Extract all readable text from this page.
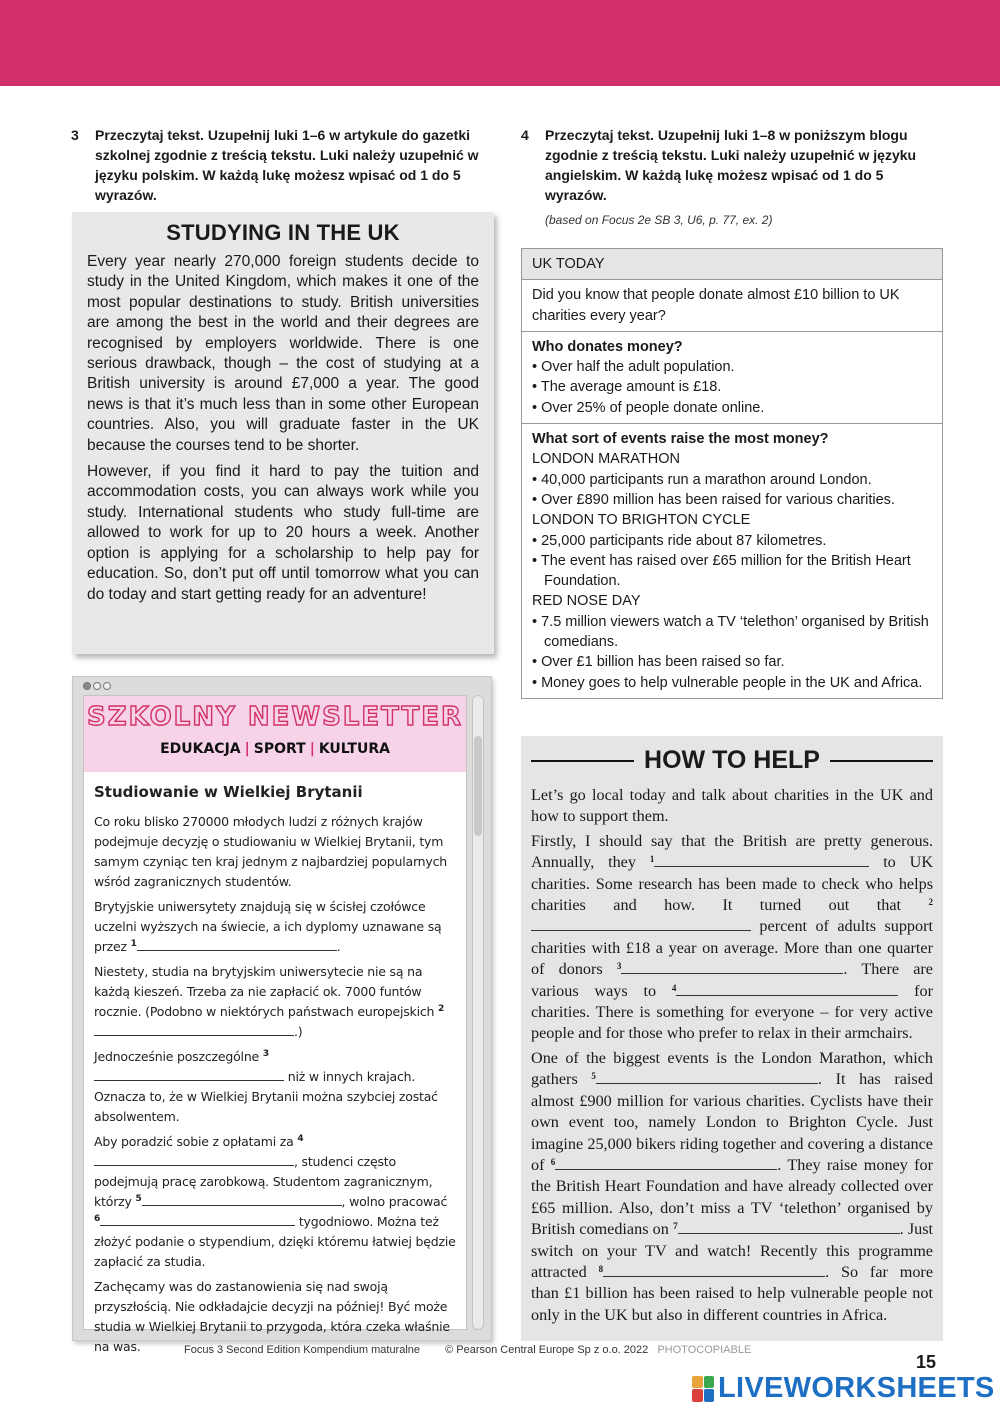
3 Przeczytaj tekst. Uzupełnij luki 1–6 w artykule do gazetki szkolnej zgodnie z treścią tekstu. Luki należy uzupełnić w języku polskim. W każdą lukę możesz wpisać od 1 do 5 wyrazów.
4 Przeczytaj tekst. Uzupełnij luki 1–8 w poniższym blogu zgodnie z treścią tekstu. Luki należy uzupełnić w języku angielskim. W każdą lukę możesz wpisać od 1 do 5 wyrazów.
(based on Focus 2e SB 3, U6, p. 77, ex. 2)
STUDYING IN THE UK

Every year nearly 270,000 foreign students decide to study in the United Kingdom, which makes it one of the most popular destinations to study. British universities are among the best in the world and their degrees are recognised by employers worldwide. There is one serious drawback, though – the cost of studying at a British university is around £7,000 a year. The good news is that it’s much less than in some other European countries. Also, you will graduate faster in the UK because the courses tend to be shorter.

However, if you find it hard to pay the tuition and accommodation costs, you can always work while you study. International students who study full-time are allowed to work for up to 20 hours a week. Another option is applying for a scholarship to help pay for education. So, don’t put off until tomorrow what you can do today and start getting ready for an adventure!

SZKOLNY NEWSLETTER
EDUKACJA | SPORT | KULTURA
Studiowanie w Wielkiej Brytanii

Co roku blisko 270000 młodych ludzi z różnych krajów podejmuje decyzję o studiowaniu w Wielkiej Brytanii, tym samym czyniąc ten kraj jednym z najbardziej popularnych wśród zagranicznych studentów.

Brytyjskie uniwersytety znajdują się w ścisłej czołówce uczelni wyższych na świecie, a ich dyplomy uznawane są przez $^1$	.

Niestety, studia na brytyjskim uniwersytecie nie są na każdą kieszeń. Trzeba za nie zapłacić ok. 7000 funtów rocznie. (Podobno w niektórych państwach europejskich $^2$.)

Jednocześnie poszczególne $^3$ niż w innych krajach. Oznacza to, że w Wielkiej Brytanii można szybciej zostać absolwentem.

Aby poradzić sobie z opłatami za $^4$, studenci często podejmują pracę zarobkową. Studentom zagranicznym, którzy $^5$	, wolno pracować $^6$	tygodniowo. Można też złożyć podanie o stypendium, dzięki któremu łatwiej będzie zapłacić za studia.

Zachęcamy was do zastanowienia się nad swoją przyszłością. Nie odkładajcie decyzji na później! Być może studia w Wielkiej Brytanii to przygoda, która czeka właśnie na was.

UK TODAY
Did you know that people donate almost £10 billion to UK charities every year?
Who donates money?
• Over half the adult population.
• The average amount is £18.
• Over 25% of people donate online.
What sort of events raise the most money?
LONDON MARATHON
• 40,000 participants run a marathon around London.
• Over £890 million has been raised for various charities.
LONDON TO BRIGHTON CYCLE
• 25,000 participants ride about 87 kilometres.
• The event has raised over £65 million for the British Heart Foundation.
RED NOSE DAY
• 7.5 million viewers watch a TV ‘telethon’ organised by British comedians.
• Over £1 billion has been raised so far.
• Money goes to help vulnerable people in the UK and Africa.
HOW TO HELP

Let’s go local today and talk about charities in the UK and how to support them.

Firstly, I should say that the British are pretty generous. Annually, they $^1$	to UK charities. Some research has been made to check who helps charities and how. It turned out that	$^2$ percent of adults support charities with £18 a year on average. More than one quarter of donors $^3$	. There are various ways to $^4$	for charities. There is something for everyone – for very active people and for those who prefer to relax in their armchairs.

One of the biggest events is the London Marathon, which gathers $^5$	. It has raised almost £900 million for various charities. Cyclists have their own event too, namely London to Brighton Cycle. Just imagine 25,000 bikers riding together and covering a distance of $^6$	. They raise money for the British Heart Foundation and have already collected over £65 million. Also, don’t miss a TV ‘telethon’ organised by British comedians on $^7$	. Just switch on your TV and watch! Recently this programme attracted $^8$	. So far more than £1 billion has been raised to help vulnerable people not only in the UK but also in different countries in Africa.

Focus 3 Second Edition Kompendium maturalne © Pearson Central Europe Sp z o.o. 2022 PHOTOCOPIABLE
15
LIVEWORKSHEETS
